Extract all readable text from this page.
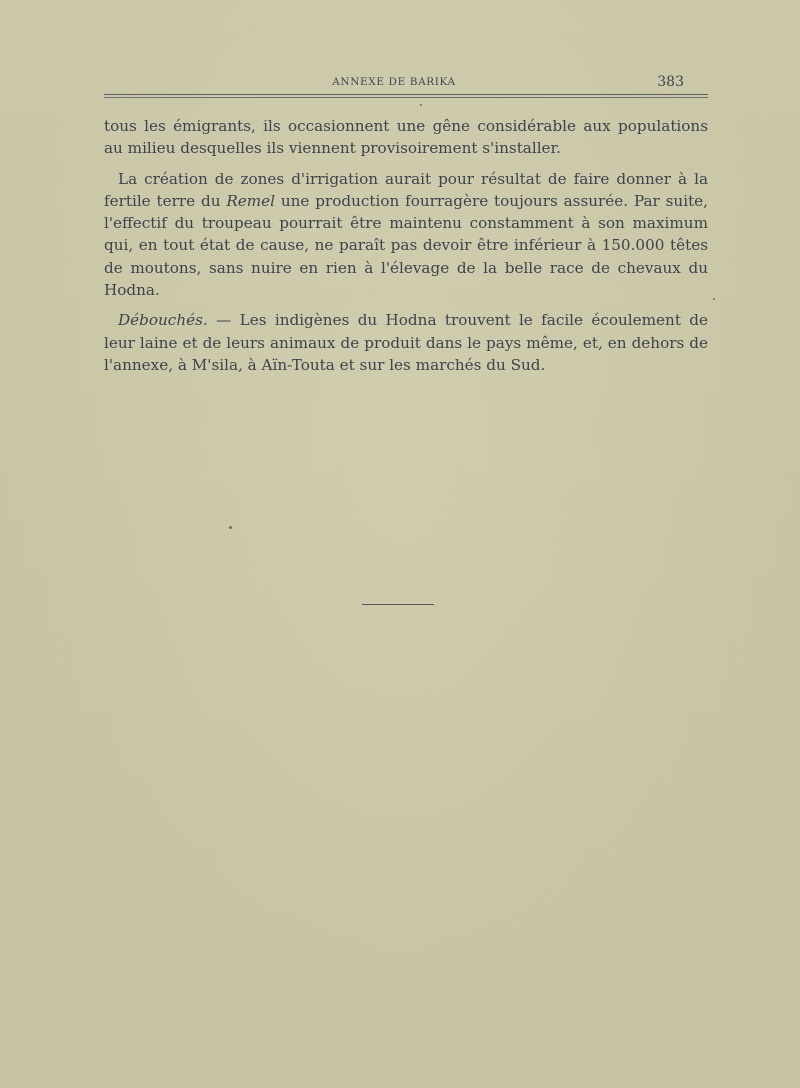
ANNEXE DE BARIKA	383

tous les émigrants, ils occasionnent une gêne considérable aux populations au milieu desquelles ils viennent provisoirement s'installer.

La création de zones d'irrigation aurait pour résultat de faire donner à la fertile terre du Remel une production fourragère toujours assurée. Par suite, l'effectif du troupeau pourrait être maintenu constamment à son maximum qui, en tout état de cause, ne paraît pas devoir être inférieur à 150.000 têtes de moutons, sans nuire en rien à l'élevage de la belle race de chevaux du Hodna.

Débouchés. — Les indigènes du Hodna trouvent le facile écoulement de leur laine et de leurs animaux de produit dans le pays même, et, en dehors de l'annexe, à M'sila, à Aïn-Touta et sur les marchés du Sud.
